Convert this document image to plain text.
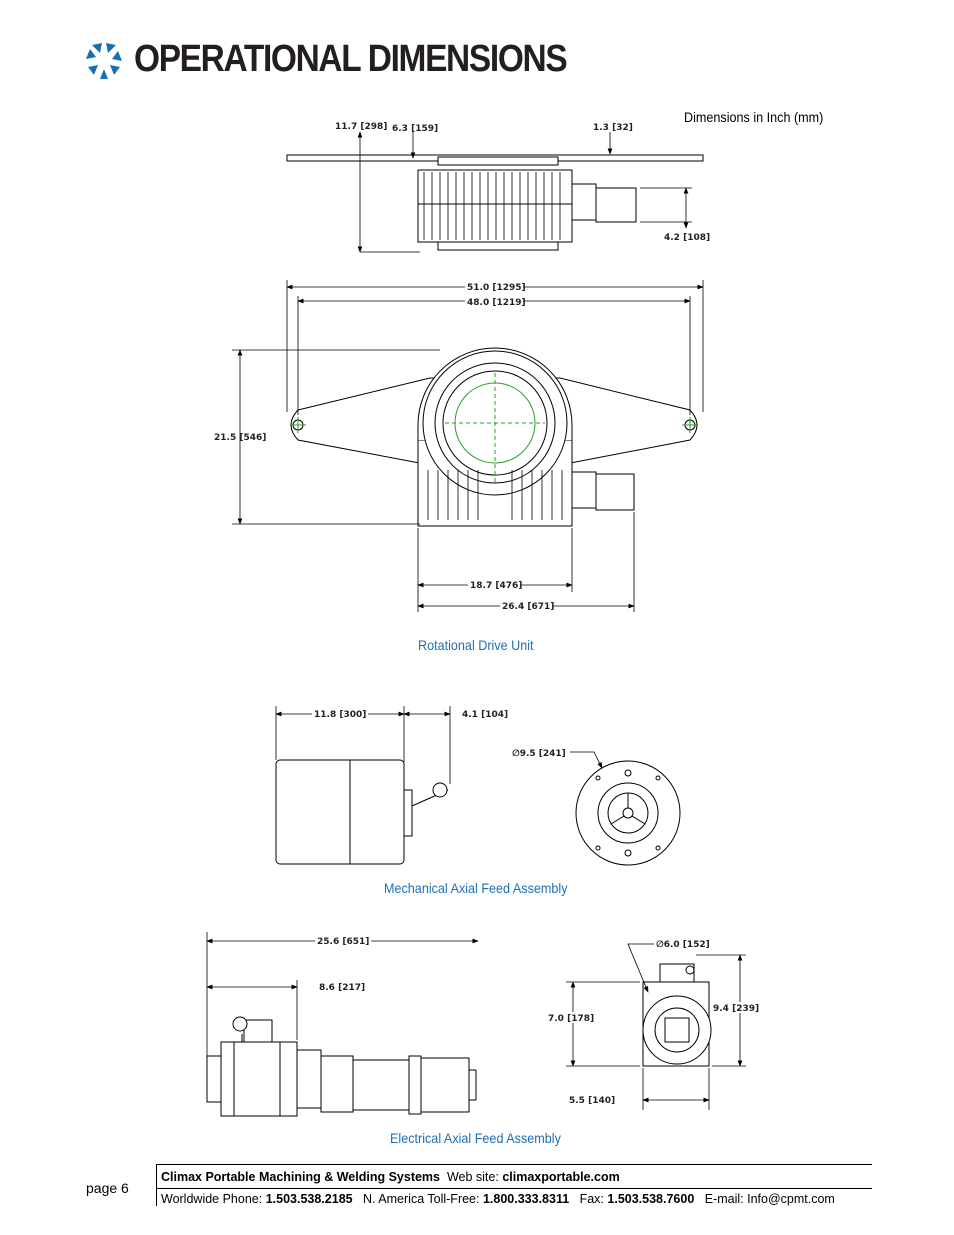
OPERATIONAL DIMENSIONS
Dimensions in Inch (mm)
11.7 [298] 6.3 [159]	1.3 [32]
4.2 [108]
51.0 [1295]
48.0 [1219]
21.5 [546]
18.7 [476]
26.4 [671]
11.8 [300]	4.1 [104]
∅9.5 [241]
25.6 [651]
8.6 [217]
∅6.0 [152]
7.0 [178]
9.4 [239]
5.5 [140]
Rotational Drive Unit
Mechanical Axial Feed Assembly
Electrical Axial Feed Assembly
page 6
Climax Portable Machining & Welding Systems Web site: climaxportable.com
Worldwide Phone: 1.503.538.2185 N. America Toll-Free: 1.800.333.8311 Fax: 1.503.538.7600 E-mail: Info@cpmt.com
